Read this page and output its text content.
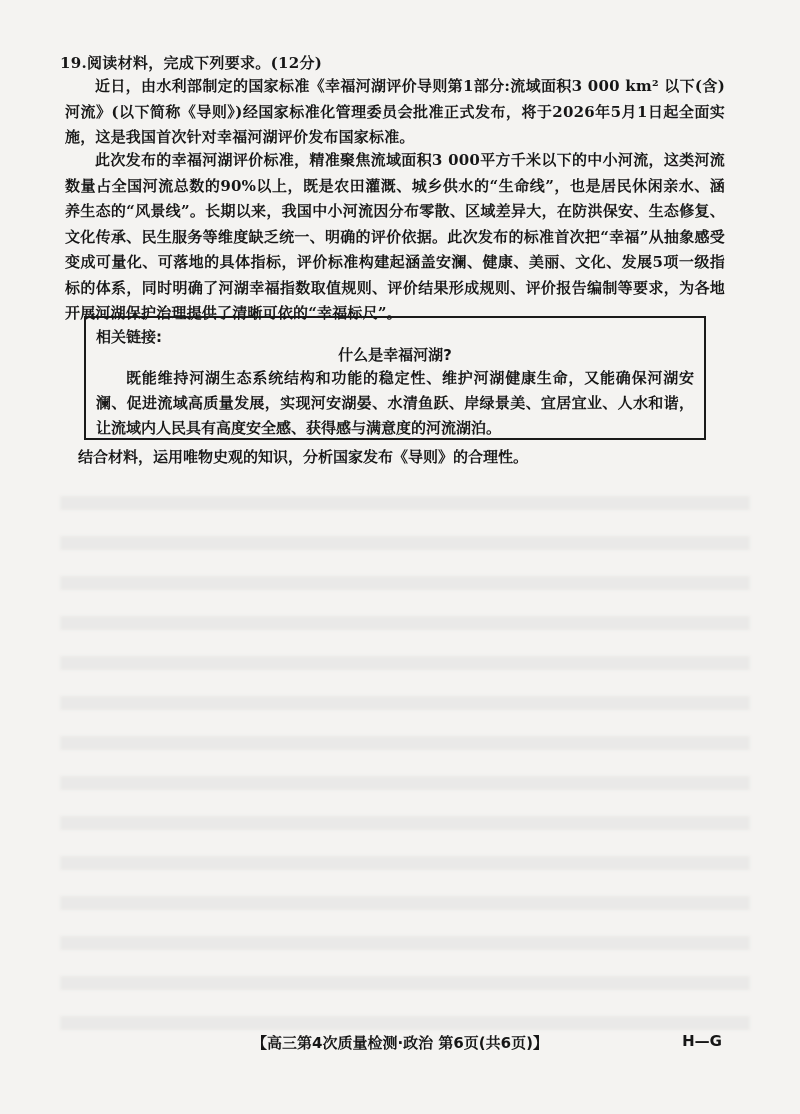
19.阅读材料，完成下列要求。(12分)
近日，由水利部制定的国家标准《幸福河湖评价导则第1部分:流域面积3 000 km² 以下(含)河流》(以下简称《导则》)经国家标准化管理委员会批准正式发布，将于2026年5月1日起全面实施，这是我国首次针对幸福河湖评价发布国家标准。
此次发布的幸福河湖评价标准，精准聚焦流域面积3 000平方千米以下的中小河流，这类河流数量占全国河流总数的90%以上，既是农田灌溉、城乡供水的“生命线”，也是居民休闲亲水、涵养生态的“风景线”。长期以来，我国中小河流因分布零散、区域差异大，在防洪保安、生态修复、文化传承、民生服务等维度缺乏统一、明确的评价依据。此次发布的标准首次把“幸福”从抽象感受变成可量化、可落地的具体指标，评价标准构建起涵盖安澜、健康、美丽、文化、发展5项一级指标的体系，同时明确了河湖幸福指数取值规则、评价结果形成规则、评价报告编制等要求，为各地开展河湖保护治理提供了清晰可依的“幸福标尺”。
相关链接:
什么是幸福河湖?
既能维持河湖生态系统结构和功能的稳定性、维护河湖健康生命，又能确保河湖安澜、促进流域高质量发展，实现河安湖晏、水清鱼跃、岸绿景美、宜居宜业、人水和谐，让流域内人民具有高度安全感、获得感与满意度的河流湖泊。
结合材料，运用唯物史观的知识，分析国家发布《导则》的合理性。
【高三第4次质量检测·政治 第6页(共6页)】	H—G
